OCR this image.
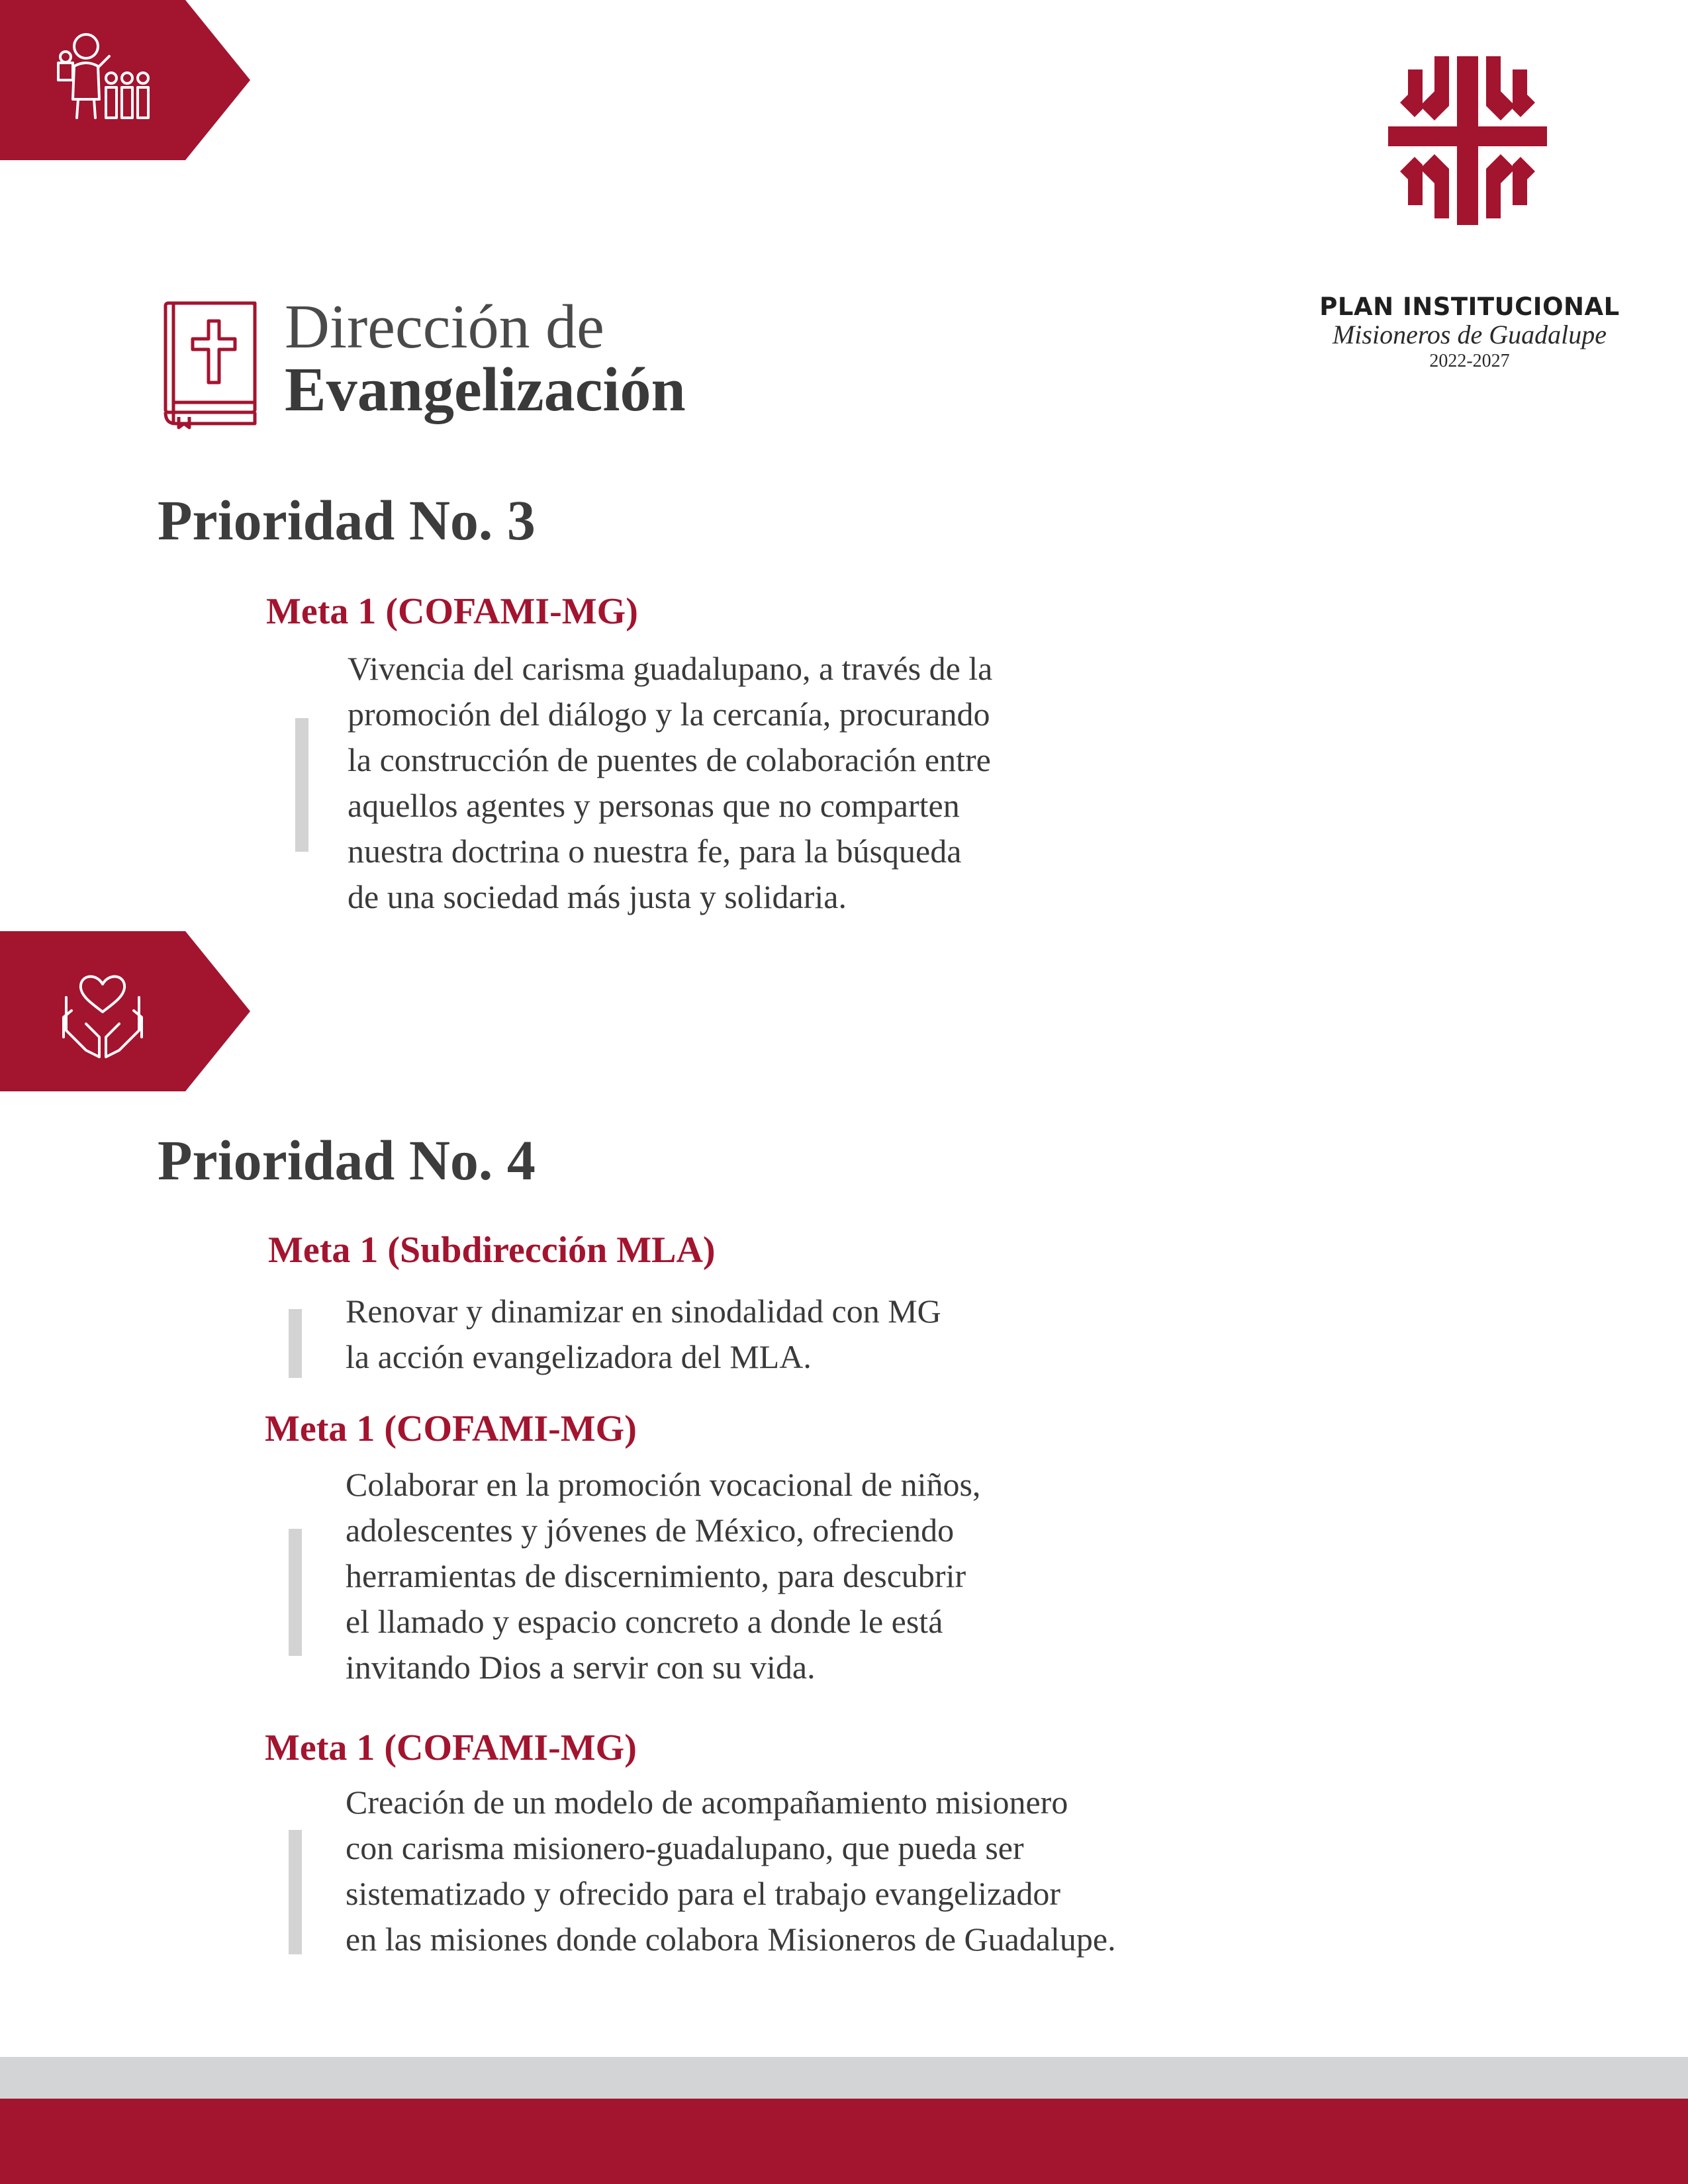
PLAN INSTITUCIONAL
Misioneros de Guadalupe
2022-2027
Dirección de
Evangelización
Prioridad No. 3
Meta 1 (COFAMI-MG)
Vivencia del carisma guadalupano, a través de la
promoción del diálogo y la cercanía, procurando
la construcción de puentes de colaboración entre
aquellos agentes y personas que no comparten
nuestra doctrina o nuestra fe, para la búsqueda
de una sociedad más justa y solidaria.
Prioridad No. 4
Meta 1 (Subdirección MLA)
Renovar y dinamizar en sinodalidad con MG
la acción evangelizadora del MLA.
Meta 1 (COFAMI-MG)
Colaborar en la promoción vocacional de niños,
adolescentes y jóvenes de México, ofreciendo
herramientas de discernimiento, para descubrir
el llamado y espacio concreto a donde le está
invitando Dios a servir con su vida.
Meta 1 (COFAMI-MG)
Creación de un modelo de acompañamiento misionero
con carisma misionero-guadalupano, que pueda ser
sistematizado y ofrecido para el trabajo evangelizador
en las misiones donde colabora Misioneros de Guadalupe.
